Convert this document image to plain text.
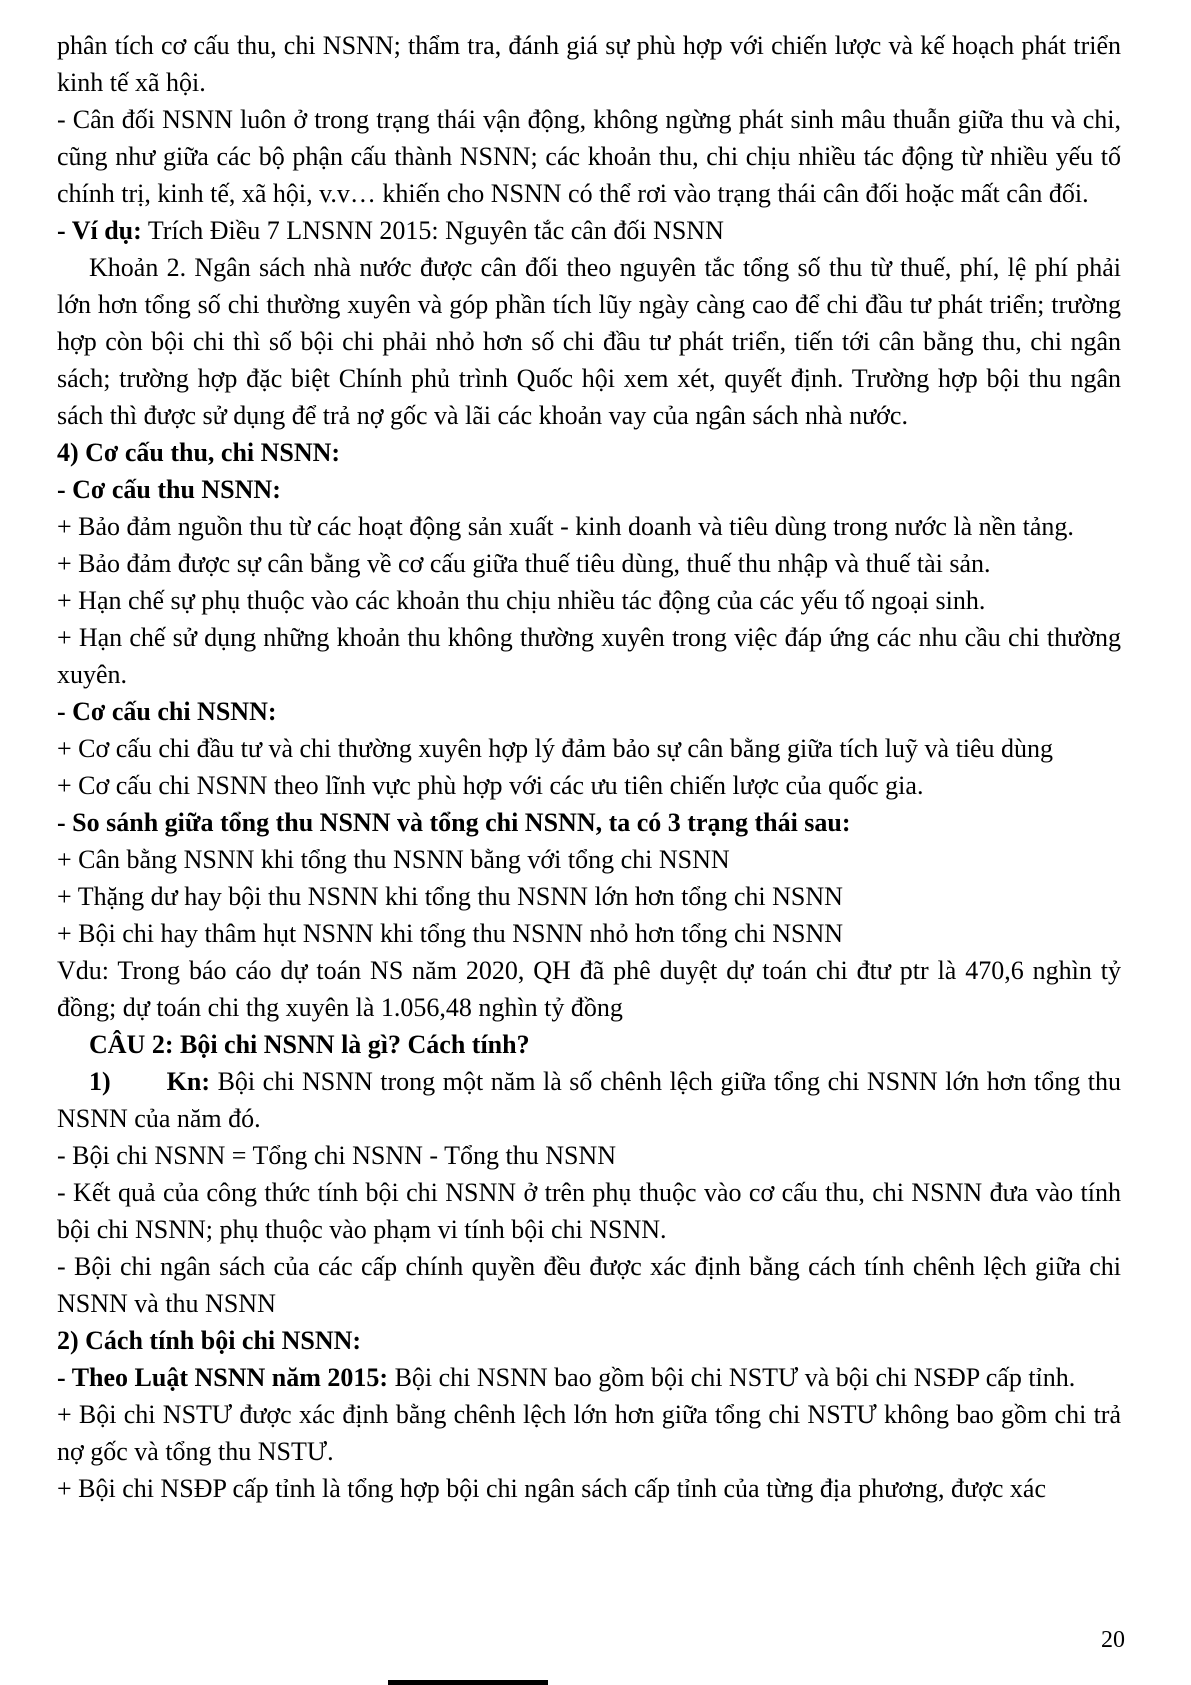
phân tích cơ cấu thu, chi NSNN; thẩm tra, đánh giá sự phù hợp với chiến lược và kế hoạch phát triển kinh tế xã hội.

- Cân đối NSNN luôn ở trong trạng thái vận động, không ngừng phát sinh mâu thuẫn giữa thu và chi, cũng như giữa các bộ phận cấu thành NSNN; các khoản thu, chi chịu nhiều tác động từ nhiều yếu tố chính trị, kinh tế, xã hội, v.v… khiến cho NSNN có thể rơi vào trạng thái cân đối hoặc mất cân đối.

- Ví dụ: Trích Điều 7 LNSNN 2015: Nguyên tắc cân đối NSNN

Khoản 2. Ngân sách nhà nước được cân đối theo nguyên tắc tổng số thu từ thuế, phí, lệ phí phải lớn hơn tổng số chi thường xuyên và góp phần tích lũy ngày càng cao để chi đầu tư phát triển; trường hợp còn bội chi thì số bội chi phải nhỏ hơn số chi đầu tư phát triển, tiến tới cân bằng thu, chi ngân sách; trường hợp đặc biệt Chính phủ trình Quốc hội xem xét, quyết định. Trường hợp bội thu ngân sách thì được sử dụng để trả nợ gốc và lãi các khoản vay của ngân sách nhà nước.

4) Cơ cấu thu, chi NSNN:

- Cơ cấu thu NSNN:

+ Bảo đảm nguồn thu từ các hoạt động sản xuất - kinh doanh và tiêu dùng trong nước là nền tảng.

+ Bảo đảm được sự cân bằng về cơ cấu giữa thuế tiêu dùng, thuế thu nhập và thuế tài sản.

+ Hạn chế sự phụ thuộc vào các khoản thu chịu nhiều tác động của các yếu tố ngoại sinh.

+ Hạn chế sử dụng những khoản thu không thường xuyên trong việc đáp ứng các nhu cầu chi thường xuyên.

- Cơ cấu chi NSNN:

+ Cơ cấu chi đầu tư và chi thường xuyên hợp lý đảm bảo sự cân bằng giữa tích luỹ và tiêu dùng

+ Cơ cấu chi NSNN theo lĩnh vực phù hợp với các ưu tiên chiến lược của quốc gia.

- So sánh giữa tổng thu NSNN và tổng chi NSNN, ta có 3 trạng thái sau:

+ Cân bằng NSNN khi tổng thu NSNN bằng với tổng chi NSNN

+ Thặng dư hay bội thu NSNN khi tổng thu NSNN lớn hơn tổng chi NSNN

+ Bội chi hay thâm hụt NSNN khi tổng thu NSNN nhỏ hơn tổng chi NSNN

Vdu: Trong báo cáo dự toán NS năm 2020, QH đã phê duyệt dự toán chi đtư ptr là 470,6 nghìn tỷ đồng; dự toán chi thg xuyên là 1.056,48 nghìn tỷ đồng

CÂU 2: Bội chi NSNN là gì? Cách tính?

1) Kn: Bội chi NSNN trong một năm là số chênh lệch giữa tổng chi NSNN lớn hơn tổng thu NSNN của năm đó.

- Bội chi NSNN = Tổng chi NSNN - Tổng thu NSNN

- Kết quả của công thức tính bội chi NSNN ở trên phụ thuộc vào cơ cấu thu, chi NSNN đưa vào tính bội chi NSNN; phụ thuộc vào phạm vi tính bội chi NSNN.

- Bội chi ngân sách của các cấp chính quyền đều được xác định bằng cách tính chênh lệch giữa chi NSNN và thu NSNN

2) Cách tính bội chi NSNN:

- Theo Luật NSNN năm 2015: Bội chi NSNN bao gồm bội chi NSTƯ và bội chi NSĐP cấp tỉnh.

+ Bội chi NSTƯ được xác định bằng chênh lệch lớn hơn giữa tổng chi NSTƯ không bao gồm chi trả nợ gốc và tổng thu NSTƯ.

+ Bội chi NSĐP cấp tỉnh là tổng hợp bội chi ngân sách cấp tỉnh của từng địa phương, được xác

20
